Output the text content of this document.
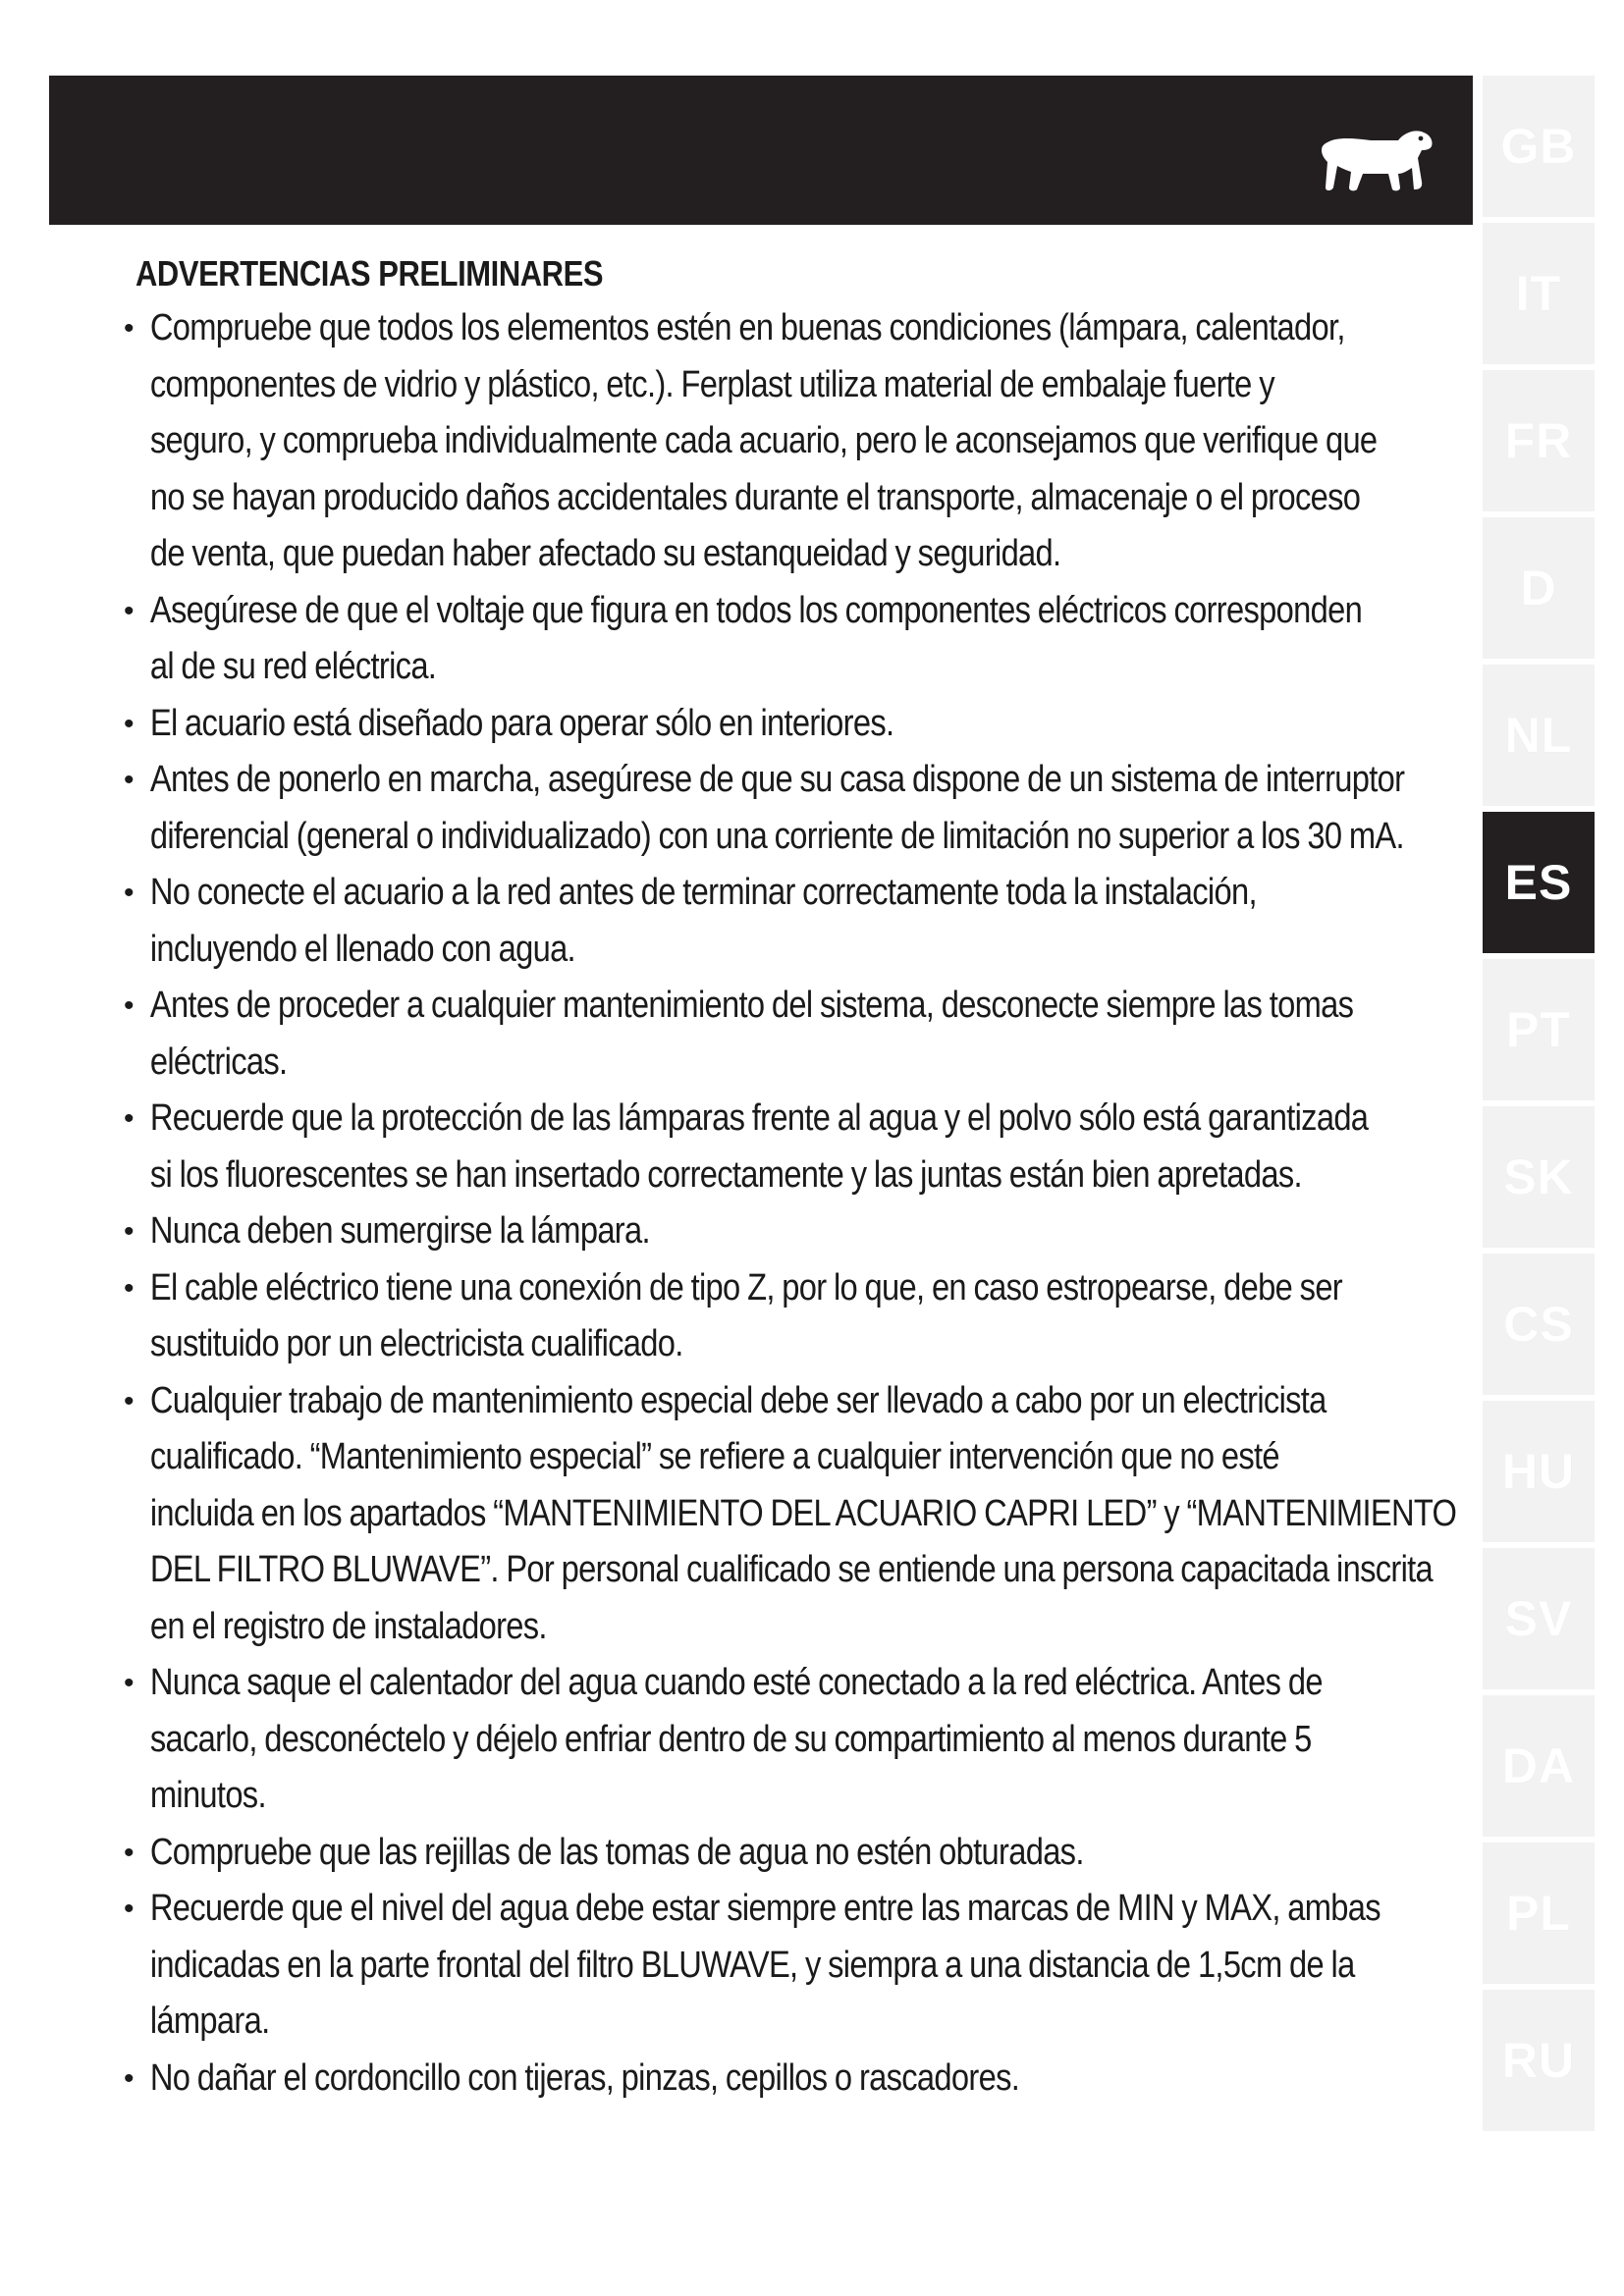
GB
IT
FR
D
NL
ES
PT
SK
CS
HU
SV
DA
PL
RU
ADVERTENCIAS PRELIMINARES
• Compruebe que todos los elementos estén en buenas condiciones (lámpara, calentador,
componentes de vidrio y plástico, etc.). Ferplast utiliza material de embalaje fuerte y
seguro, y comprueba individualmente cada acuario, pero le aconsejamos que verifique que
no se hayan producido daños accidentales durante el transporte, almacenaje o el proceso
de venta, que puedan haber afectado su estanqueidad y seguridad.
• Asegúrese de que el voltaje que figura en todos los componentes eléctricos corresponden
al de su red eléctrica.
• El acuario está diseñado para operar sólo en interiores.
• Antes de ponerlo en marcha, asegúrese de que su casa dispone de un sistema de interruptor
diferencial (general o individualizado) con una corriente de limitación no superior a los 30 mA.
• No conecte el acuario a la red antes de terminar correctamente toda la instalación,
incluyendo el llenado con agua.
• Antes de proceder a cualquier mantenimiento del sistema, desconecte siempre las tomas
eléctricas.
• Recuerde que la protección de las lámparas frente al agua y el polvo sólo está garantizada
si los fluorescentes se han insertado correctamente y las juntas están bien apretadas.
• Nunca deben sumergirse la lámpara.
• El cable eléctrico tiene una conexión de tipo Z, por lo que, en caso estropearse, debe ser
sustituido por un electricista cualificado.
• Cualquier trabajo de mantenimiento especial debe ser llevado a cabo por un electricista
cualificado. “Mantenimiento especial” se refiere a cualquier intervención que no esté
incluida en los apartados “MANTENIMIENTO DEL ACUARIO CAPRI LED” y “MANTENIMIENTO
DEL FILTRO BLUWAVE”. Por personal cualificado se entiende una persona capacitada inscrita
en el registro de instaladores.
• Nunca saque el calentador del agua cuando esté conectado a la red eléctrica. Antes de
sacarlo, desconéctelo y déjelo enfriar dentro de su compartimiento al menos durante 5
minutos.
• Compruebe que las rejillas de las tomas de agua no estén obturadas.
• Recuerde que el nivel del agua debe estar siempre entre las marcas de MIN y MAX, ambas
indicadas en la parte frontal del filtro BLUWAVE, y siempra a una distancia de 1,5cm de la
lámpara.
• No dañar el cordoncillo con tijeras, pinzas, cepillos o rascadores.
